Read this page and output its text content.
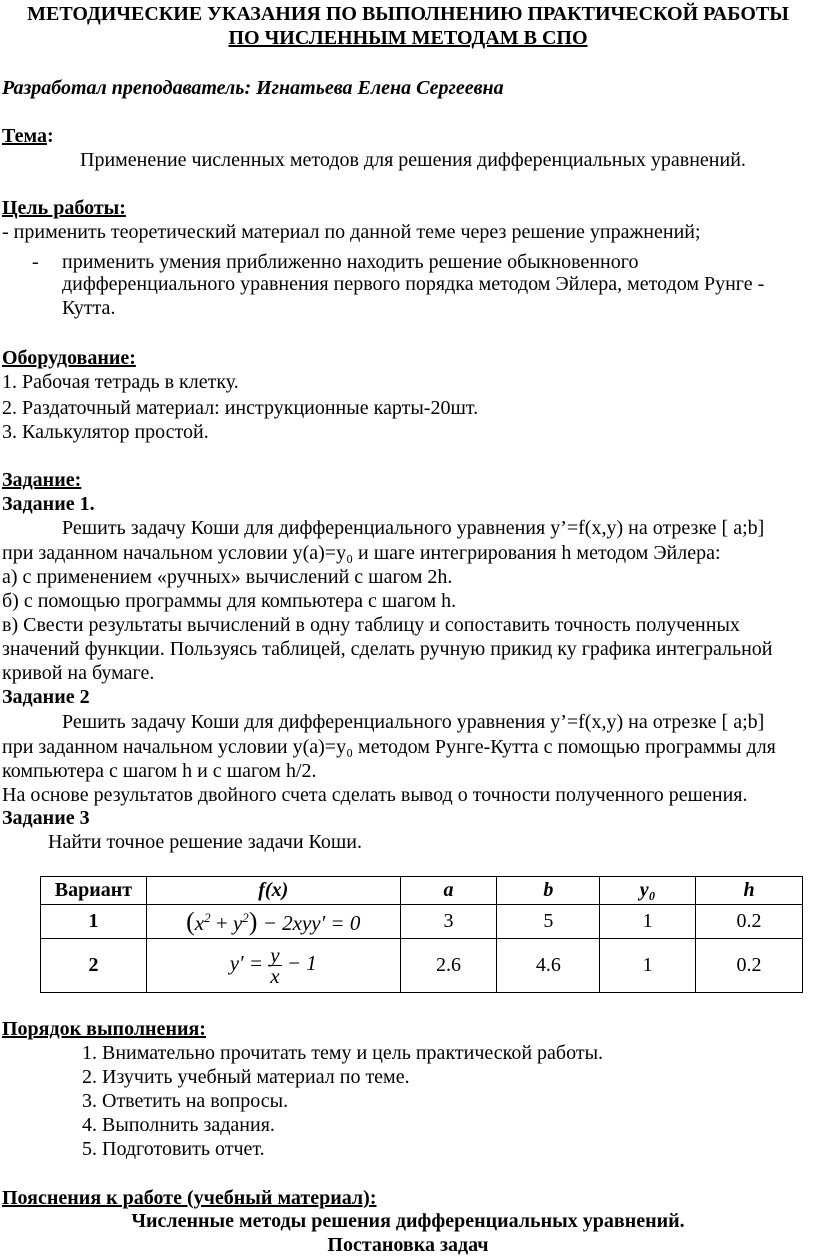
МЕТОДИЧЕСКИЕ УКАЗАНИЯ ПО ВЫПОЛНЕНИЮ ПРАКТИЧЕСКОЙ РАБОТЫ
ПО ЧИСЛЕННЫМ МЕТОДАМ В СПО
Разработал преподаватель: Игнатьева Елена Сергеевна
Тема:
Применение численных методов для решения дифференциальных уравнений.
Цель работы:
- применить теоретический материал по данной теме через решение упражнений;
- применить умения приближенно находить решение обыкновенного
дифференциального уравнения первого порядка методом Эйлера, методом Рунге -
Кутта.
Оборудование:
1. Рабочая тетрадь в клетку.
2. Раздаточный материал: инструкционные карты-20шт.
3. Калькулятор простой.
Задание:
Задание 1.
Решить задачу Коши для дифференциального уравнения y’=f(x,y) на отрезке [ a;b]
при заданном начальном условии y(a)=y₀ и шаге интегрирования h методом Эйлера:
а) с применением «ручных» вычислений с шагом 2h.
б) с помощью программы для компьютера с шагом h.
в) Свести результаты вычислений в одну таблицу и сопоставить точность полученных
значений функции. Пользуясь таблицей, сделать ручную прикид ку графика интегральной
кривой на бумаге.
Задание 2
Решить задачу Коши для дифференциального уравнения y’=f(x,y) на отрезке [ a;b]
при заданном начальном условии y(a)=y₀ методом Рунге-Кутта с помощью программы для
компьютера с шагом h и с шагом h/2.
На основе результатов двойного счета сделать вывод о точности полученного решения.
Задание 3
Найти точное решение задачи Коши.
Вариант	f(x)	a	b	y₀	h
1	$(x^2 + y^2) - 2xyy' = 0$	3	5	1	0.2
2	$y' = \frac{y}{x} - 1$	2.6	4.6	1	0.2
Порядок выполнения:
1. Внимательно прочитать тему и цель практической работы.
2. Изучить учебный материал по теме.
3. Ответить на вопросы.
4. Выполнить задания.
5. Подготовить отчет.
Пояснения к работе (учебный материал):
Численные методы решения дифференциальных уравнений.
Постановка задач
